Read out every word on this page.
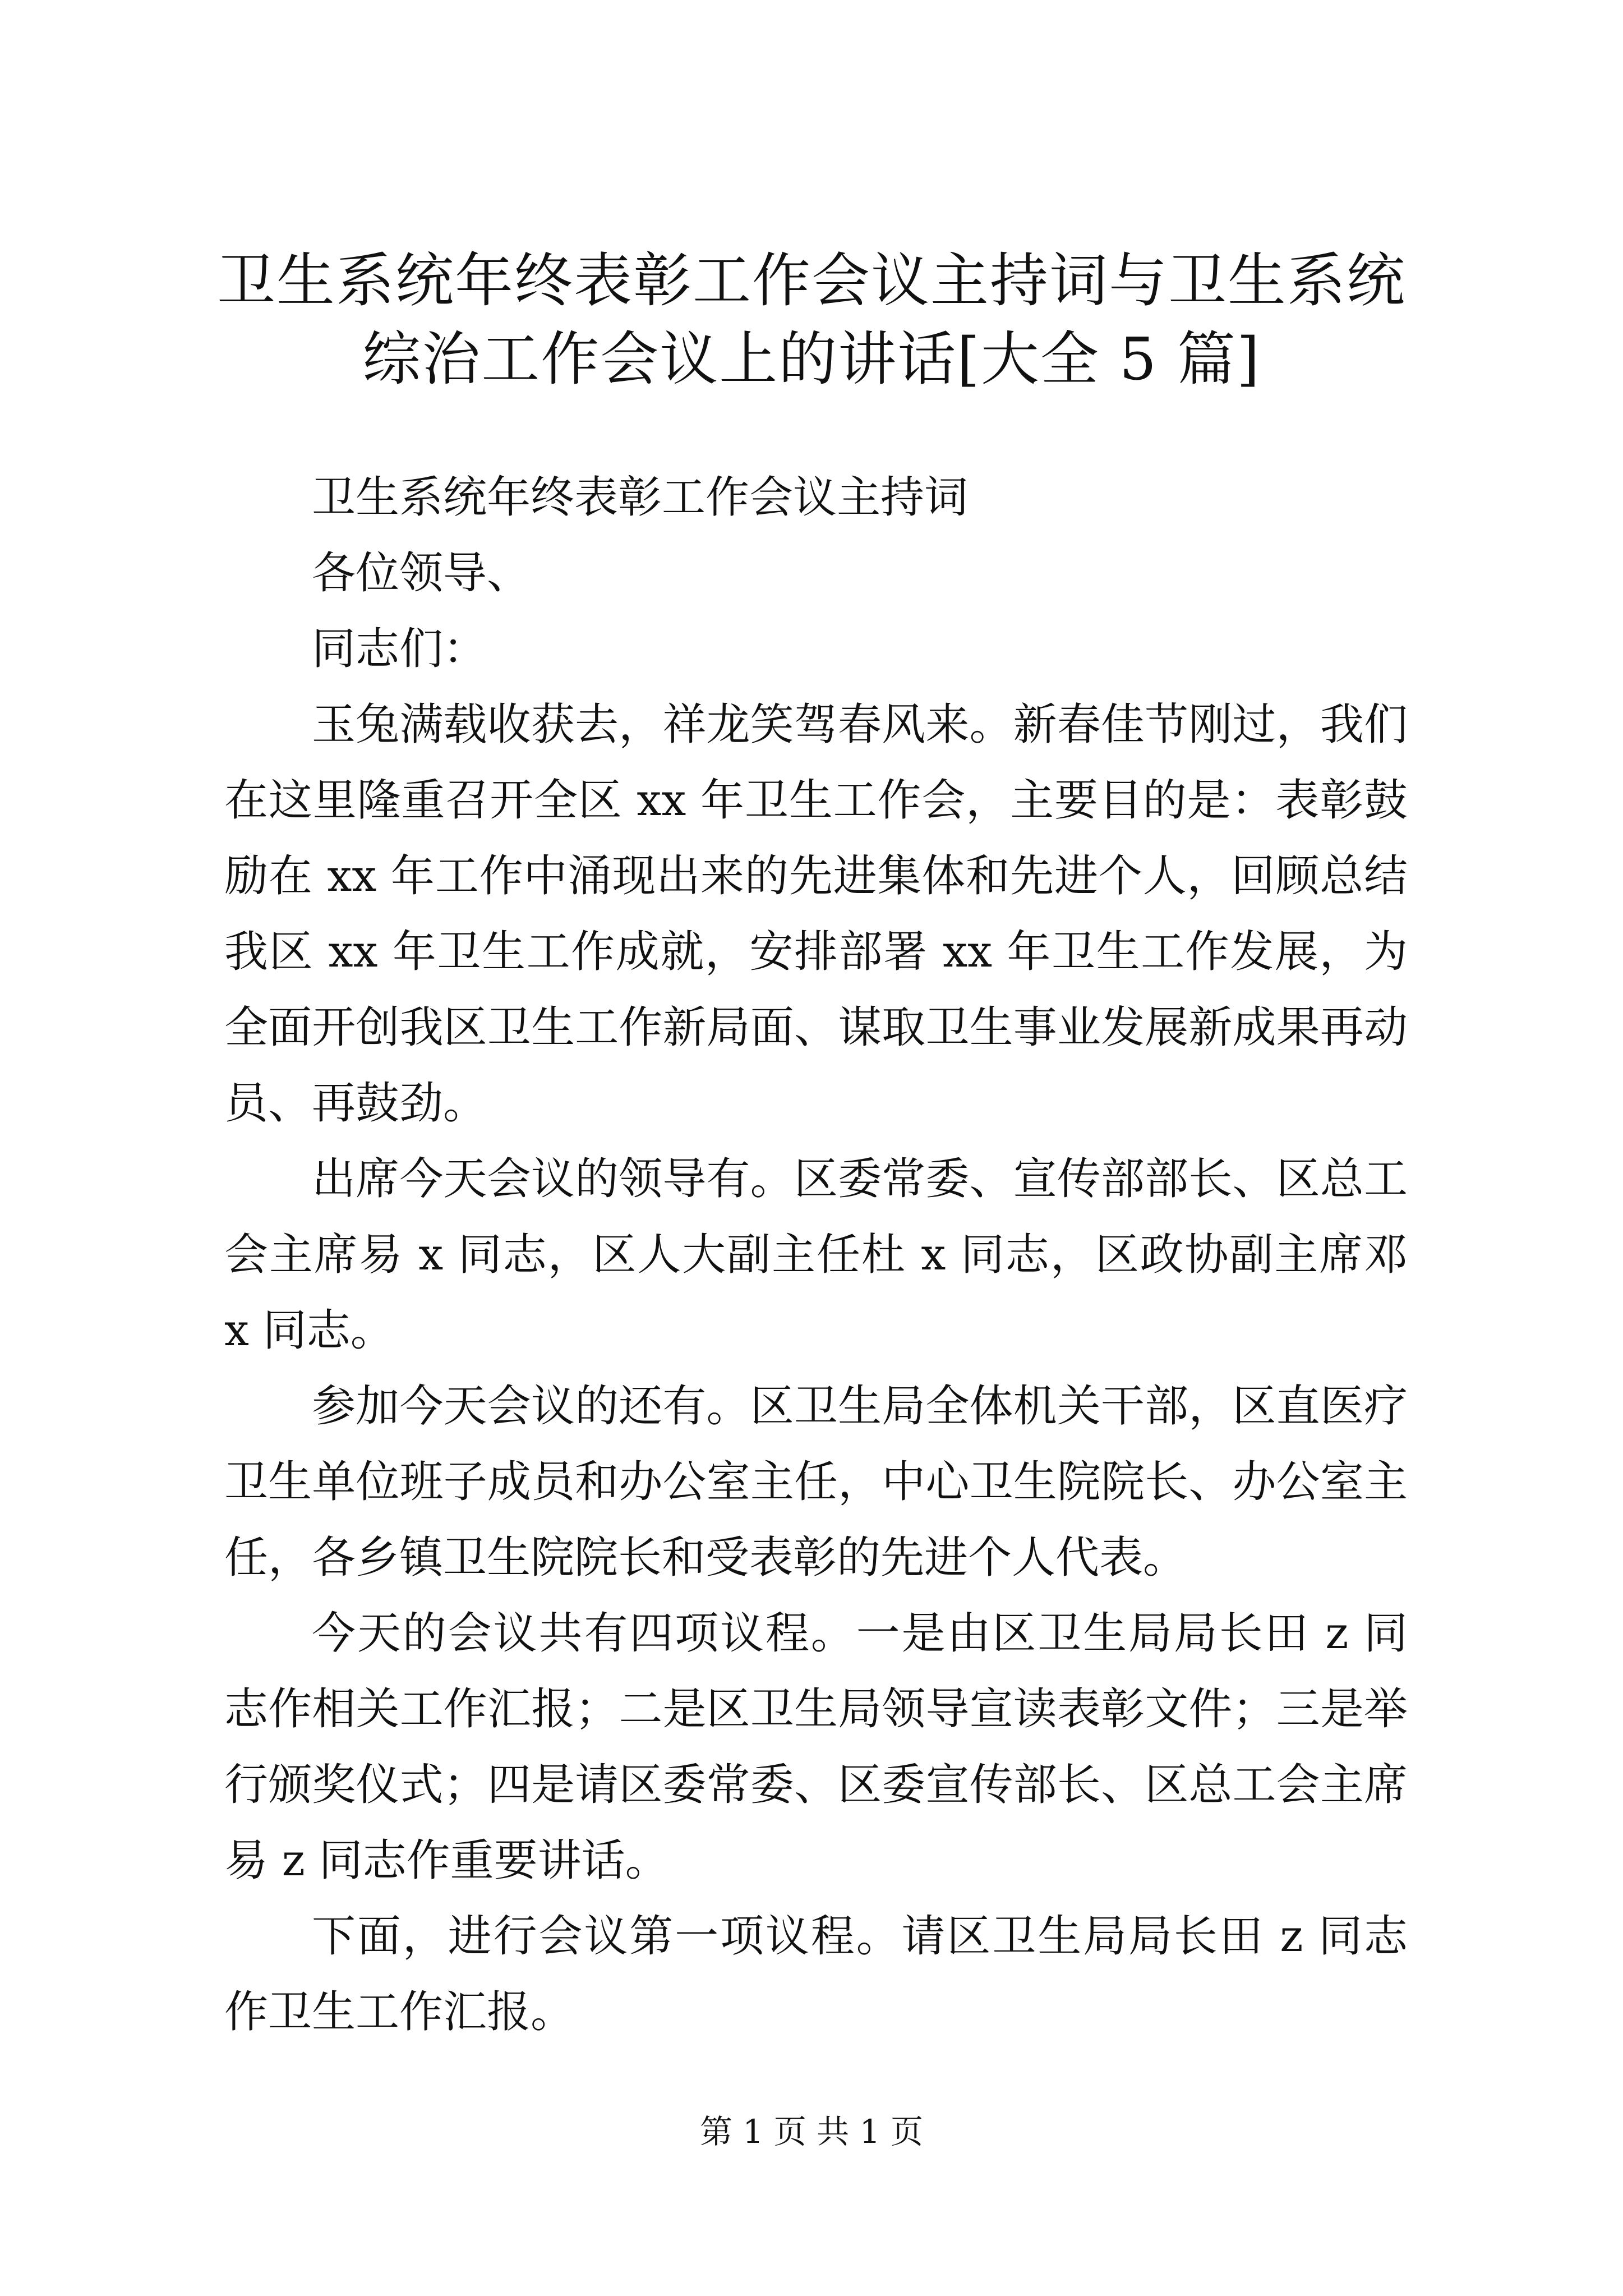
卫生系统年终表彰工作会议主持词与卫生系统
综治工作会议上的讲话[大全 5 篇]

卫生系统年终表彰工作会议主持词

各位领导、

同志们：

玉兔满载收获去，祥龙笑驾春风来。新春佳节刚过，我们在这里隆重召开全区 xx 年卫生工作会，主要目的是：表彰鼓励在 xx 年工作中涌现出来的先进集体和先进个人，回顾总结我区 xx 年卫生工作成就，安排部署 xx 年卫生工作发展，为全面开创我区卫生工作新局面、谋取卫生事业发展新成果再动员、再鼓劲。

出席今天会议的领导有。区委常委、宣传部部长、区总工会主席易 x 同志，区人大副主任杜 x 同志，区政协副主席邓 x 同志。

参加今天会议的还有。区卫生局全体机关干部，区直医疗卫生单位班子成员和办公室主任，中心卫生院院长、办公室主任，各乡镇卫生院院长和受表彰的先进个人代表。

今天的会议共有四项议程。一是由区卫生局局长田 z 同志作相关工作汇报；二是区卫生局领导宣读表彰文件；三是举行颁奖仪式；四是请区委常委、区委宣传部长、区总工会主席易 z 同志作重要讲话。

下面，进行会议第一项议程。请区卫生局局长田 z 同志作卫生工作汇报。

第 1 页 共 1 页
